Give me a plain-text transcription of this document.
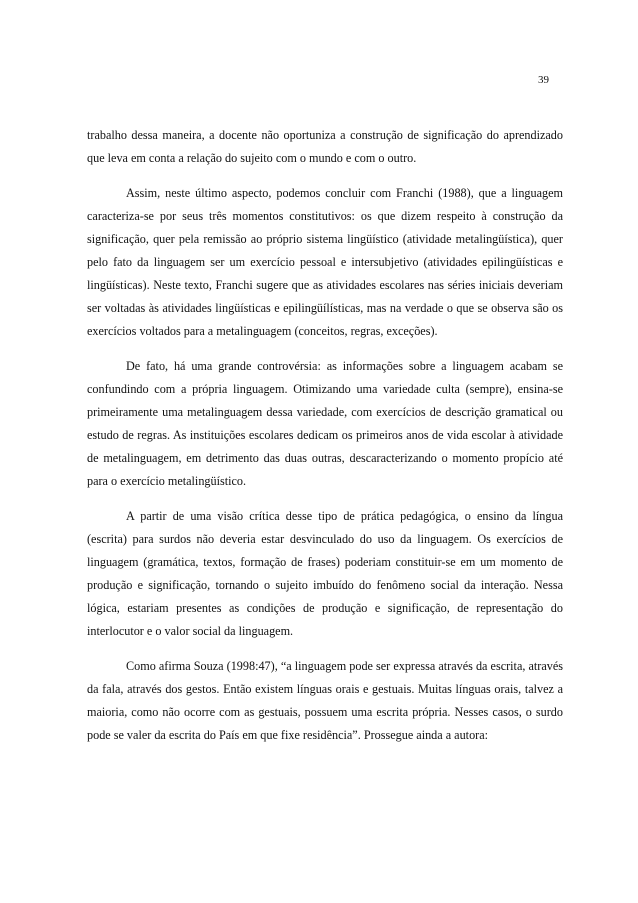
39

trabalho dessa maneira, a docente não oportuniza a construção de significação do aprendizado que leva em conta a relação do sujeito com o mundo e com o outro.

Assim, neste último aspecto, podemos concluir com Franchi (1988), que a linguagem caracteriza-se por seus três momentos constitutivos: os que dizem respeito à construção da significação, quer pela remissão ao próprio sistema lingüístico (atividade metalingüística), quer pelo fato da linguagem ser um exercício pessoal e intersubjetivo (atividades epilingüísticas e lingüísticas). Neste texto, Franchi sugere que as atividades escolares nas séries iniciais deveriam ser voltadas às atividades lingüísticas e epilingüílísticas, mas na verdade o que se observa são os exercícios voltados para a metalinguagem (conceitos, regras, exceções).

De fato, há uma grande controvérsia: as informações sobre a linguagem acabam se confundindo com a própria linguagem. Otimizando uma variedade culta (sempre), ensina-se primeiramente uma metalinguagem dessa variedade, com exercícios de descrição gramatical ou estudo de regras. As instituições escolares dedicam os primeiros anos de vida escolar à atividade de metalinguagem, em detrimento das duas outras, descaracterizando o momento propício até para o exercício metalingüístico.

A partir de uma visão crítica desse tipo de prática pedagógica, o ensino da língua (escrita) para surdos não deveria estar desvinculado do uso da linguagem. Os exercícios de linguagem (gramática, textos, formação de frases) poderiam constituir-se em um momento de produção e significação, tornando o sujeito imbuído do fenômeno social da interação. Nessa lógica, estariam presentes as condições de produção e significação, de representação do interlocutor e o valor social da linguagem.

Como afirma Souza (1998:47), “a linguagem pode ser expressa através da escrita, através da fala, através dos gestos. Então existem línguas orais e gestuais. Muitas línguas orais, talvez a maioria, como não ocorre com as gestuais, possuem uma escrita própria. Nesses casos, o surdo pode se valer da escrita do País em que fixe residência”. Prossegue ainda a autora:
